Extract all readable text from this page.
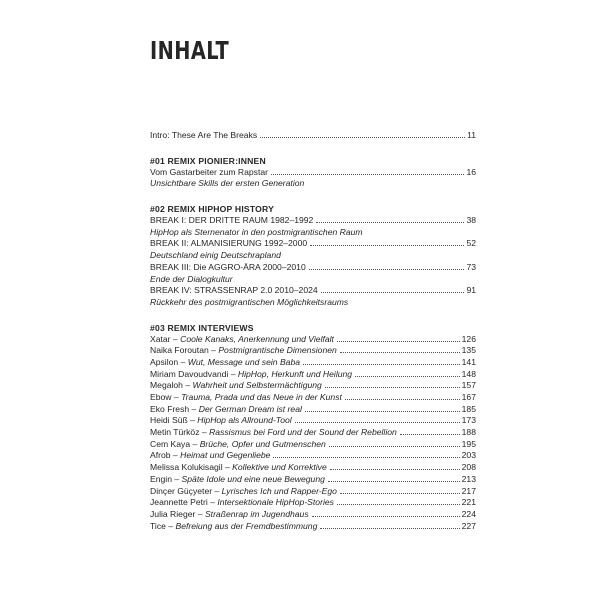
INHALT
Intro: These Are The Breaks	11
#01 REMIX PIONIER:INNEN
Vom Gastarbeiter zum Rapstar	16
Unsichtbare Skills der ersten Generation
#02 REMIX HIPHOP HISTORY
BREAK I: DER DRITTE RAUM 1982–1992	38
HipHop als Sternenator in den postmigrantischen Raum
BREAK II: ALMANISIERUNG 1992–2000	52
Deutschland einig Deutschrapland
BREAK III: Die AGGRO-ÄRA 2000–2010	73
Ende der Dialogkultur
BREAK IV: STRASSENRAP 2.0 2010–2024	91
Rückkehr des postmigrantischen Möglichkeitsraums
#03 REMIX INTERVIEWS
Xatar – Coole Kanaks, Anerkennung und Vielfalt	126
Naika Foroutan – Postmigrantische Dimensionen	135
Apsilon – Wut, Message und sein Baba	141
Miriam Davoudvandi – HipHop, Herkunft und Heilung	148
Megaloh – Wahrheit und Selbstermächtigung	157
Ebow – Trauma, Prada und das Neue in der Kunst	167
Eko Fresh – Der German Dream ist real	185
Heidi Süß – HipHop als Allround-Tool	173
Metin Türköz – Rassismus bei Ford und der Sound der Rebellion	188
Cem Kaya – Brüche, Opfer und Gutmenschen	195
Afrob – Heimat und Gegenliebe	203
Melissa Kolukisagil – Kollektive und Korrektive	208
Engin – Späte Idole und eine neue Bewegung	213
Dinçer Güçyeter – Lyrisches Ich und Rapper-Ego	217
Jeannette Petri – Intersektionale HipHop-Stories	221
Julia Rieger – Straßenrap im Jugendhaus	224
Tice – Befreiung aus der Fremdbestimmung	227
